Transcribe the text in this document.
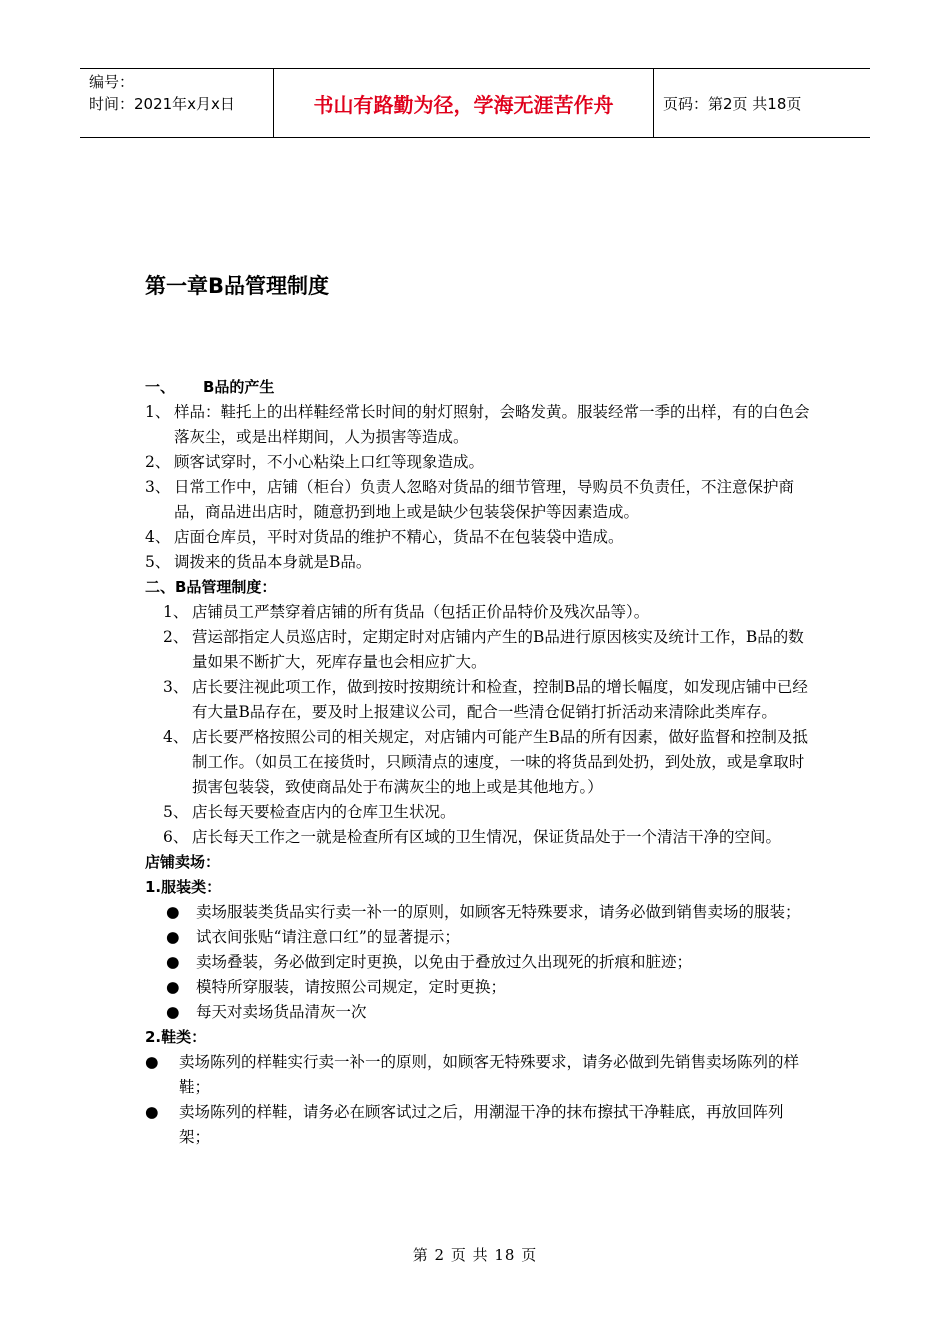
编号：
时间：2021年x月x日	书山有路勤为径，学海无涯苦作舟	页码：第2页 共18页
第一章B品管理制度
一、 B品的产生
1、 样品：鞋托上的出样鞋经常长时间的射灯照射，会略发黄。服装经常一季的出样，有的白色会落灰尘，或是出样期间，人为损害等造成。
2、 顾客试穿时，不小心粘染上口红等现象造成。
3、 日常工作中，店铺（柜台）负责人忽略对货品的细节管理，导购员不负责任，不注意保护商品，商品进出店时，随意扔到地上或是缺少包装袋保护等因素造成。
4、 店面仓库员，平时对货品的维护不精心，货品不在包装袋中造成。
5、 调拨来的货品本身就是B品。
二、B品管理制度：
1、 店铺员工严禁穿着店铺的所有货品（包括正价品特价及残次品等）。
2、 营运部指定人员巡店时，定期定时对店铺内产生的B品进行原因核实及统计工作，B品的数量如果不断扩大，死库存量也会相应扩大。
3、 店长要注视此项工作，做到按时按期统计和检查，控制B品的增长幅度，如发现店铺中已经有大量B品存在，要及时上报建议公司，配合一些清仓促销打折活动来清除此类库存。
4、 店长要严格按照公司的相关规定，对店铺内可能产生B品的所有因素，做好监督和控制及抵制工作。（如员工在接货时，只顾清点的速度，一味的将货品到处扔，到处放，或是拿取时损害包装袋，致使商品处于布满灰尘的地上或是其他地方。）
5、 店长每天要检查店内的仓库卫生状况。
6、 店长每天工作之一就是检查所有区域的卫生情况，保证货品处于一个清洁干净的空间。
店铺卖场：
1.服装类：
● 卖场服装类货品实行卖一补一的原则，如顾客无特殊要求，请务必做到销售卖场的服装；
● 试衣间张贴“请注意口红”的显著提示；
● 卖场叠装，务必做到定时更换，以免由于叠放过久出现死的折痕和脏迹；
● 模特所穿服装，请按照公司规定，定时更换；
● 每天对卖场货品清灰一次
2.鞋类：
● 卖场陈列的样鞋实行卖一补一的原则，如顾客无特殊要求，请务必做到先销售卖场陈列的样鞋；
● 卖场陈列的样鞋，请务必在顾客试过之后，用潮湿干净的抹布擦拭干净鞋底，再放回阵列架；
第 2 页 共 18 页
